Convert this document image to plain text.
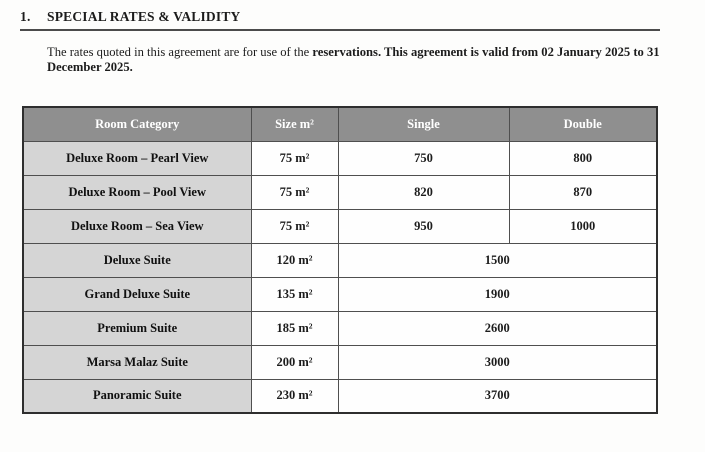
1.	SPECIAL RATES & VALIDITY
The rates quoted in this agreement are for use of the reservations. This agreement is valid from 02 January 2025 to 31 December 2025.
Room Category	Size m²	Single	Double
Deluxe Room – Pearl View	75 m²	750	800
Deluxe Room – Pool View	75 m²	820	870
Deluxe Room – Sea View	75 m²	950	1000
Deluxe Suite	120 m²	1500	
Grand Deluxe Suite	135 m²	1900	
Premium Suite	185 m²	2600	
Marsa Malaz Suite	200 m²	3000	
Panoramic Suite	230 m²	3700	
